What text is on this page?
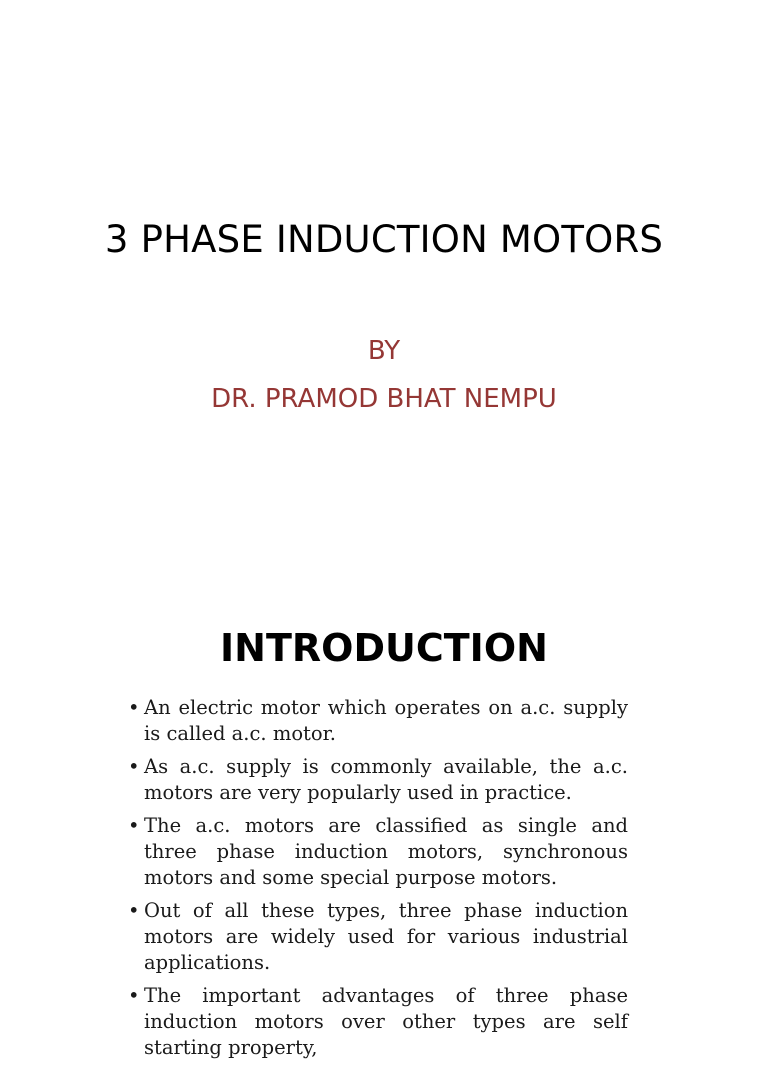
3 PHASE INDUCTION MOTORS
BY
DR. PRAMOD BHAT NEMPU
INTRODUCTION
• An electric motor which operates on a.c. supply is called a.c. motor.
• As a.c. supply is commonly available, the a.c. motors are very popularly used in practice.
• The a.c. motors are classified as single and three phase induction motors, synchronous motors and some special purpose motors.
• Out of all these types, three phase induction motors are widely used for various industrial applications.
• The important advantages of three phase induction motors over other types are self starting property,
